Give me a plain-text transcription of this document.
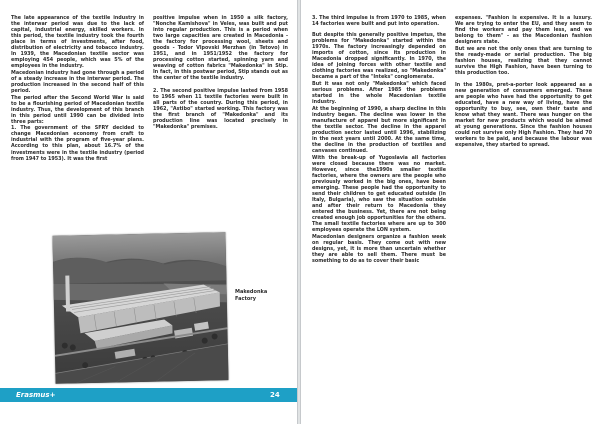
The late appearance of the textile industry in the interwar period was due to the lack of capital, industrial energy, skilled workers. In this period, the textile industry took the fourth place in terms of investments, after food, distribution of electricity and tobacco industry. In 1939, the Macedonian textile sector was employing 454 people, which was 5% of the employees in the industry.

Macedonian industry had gone through a period of a steady increase in the interwar period. The production increased in the second half of this period.

The period after the Second World War is said to be a flourishing period of Macedonian textile industry. Thus, the development of this branch in this period until 1990 can be divided into three parts:

1. The government of the SFRY decided to change Macedonian economy from craft to industrial with the program of five-year plans. According to this plan, about 16.7% of the investments were in the textile industry (period from 1947 to 1953). It was the first

positive impulse when in 1950 a silk factory, "Nonche Kamishova" in Veles, was built and put into regular production. This is a period when two large capacities are created in Macedonia - the factory for processing wool, sheets and goods - Todor Vlpovski Merzhan (in Tetovo) in 1951, and in 1951/1952 the factory for processing cotton started, spinning yarn and weaving of cotton fabrics "Makedonka" in Stip. In fact, in this postwar period, Stip stands out as the center of the textile industry.

2. The second positive impulse lasted from 1958 to 1965 when 11 textile factories were built in all parts of the country. During this period, in 1962, "Astibo" started working. This factory was the first branch of "Makedonka" and its production line was located precisely in "Makedonka" premises.

Makedonka Factory
Erasmus+	24

3. The third impulse is from 1970 to 1985, when 14 factories were built and put into operation.

But despite this generally positive impetus, the problems for "Makedonka" started within the 1970s. The factory increasingly depended on imports of cotton, since its production in Macedonia dropped significantly. In 1970, the idea of joining forces with other textile and clothing factories was realized, so "Makedonka" became a part of the "Inteks" conglomerate.

But it was not only "Makedonka" which faced serious problems. After 1985 the problems started in the whole Macedonian textile industry.

At the beginning of 1990, a sharp decline in this industry began. The decline was lower in the manufacture of apparel but more significant in the textile sector. The decline in the apparel production sector lasted until 1996, stabilizing in the next years until 2000. At the same time, the decline in the production of textiles and canvases continued.

With the break-up of Yugoslavia all factories were closed because there was no market. However, since the1990s smaller textile factories, where the owners are the people who previously worked in the big ones, have been emerging. These people had the opportunity to send their children to get educated outside (in Italy, Bulgaria), who saw the situation outside and after their return to Macedonia they entered the business. Yet, there are not being created enough job opportunities for the others. The small textile factories where are up to 300 employees operate the LON system.

Macedonian designers organize a fashion week on regular basis. They come out with new designs, yet, it is more than uncertain whether they are able to sell them. There must be something to do as to cover their basic

expenses. "Fashion is expensive. It is a luxury. We are trying to enter the EU, and they seem to find the workers and pay them less, and we belong to them" - as the Macedonian fashion designers state.

But we are not the only ones that are turning to the ready-made or serial production. The big fashion houses, realizing that they cannot survive the High Fashion, have been turning to this production too.

In the 1980s, pret-a-porter look appeared as a new generation of consumers emerged. These are people who have had the opportunity to get educated, have a new way of living, have the opportunity to buy, see, own their taste and know what they want. There was hunger on the market for new products which would be aimed at young generations. Since the fashion houses could not survive only High Fashion. They had 70 workers to be paid, and because the labour was expensive, they started to spread.
